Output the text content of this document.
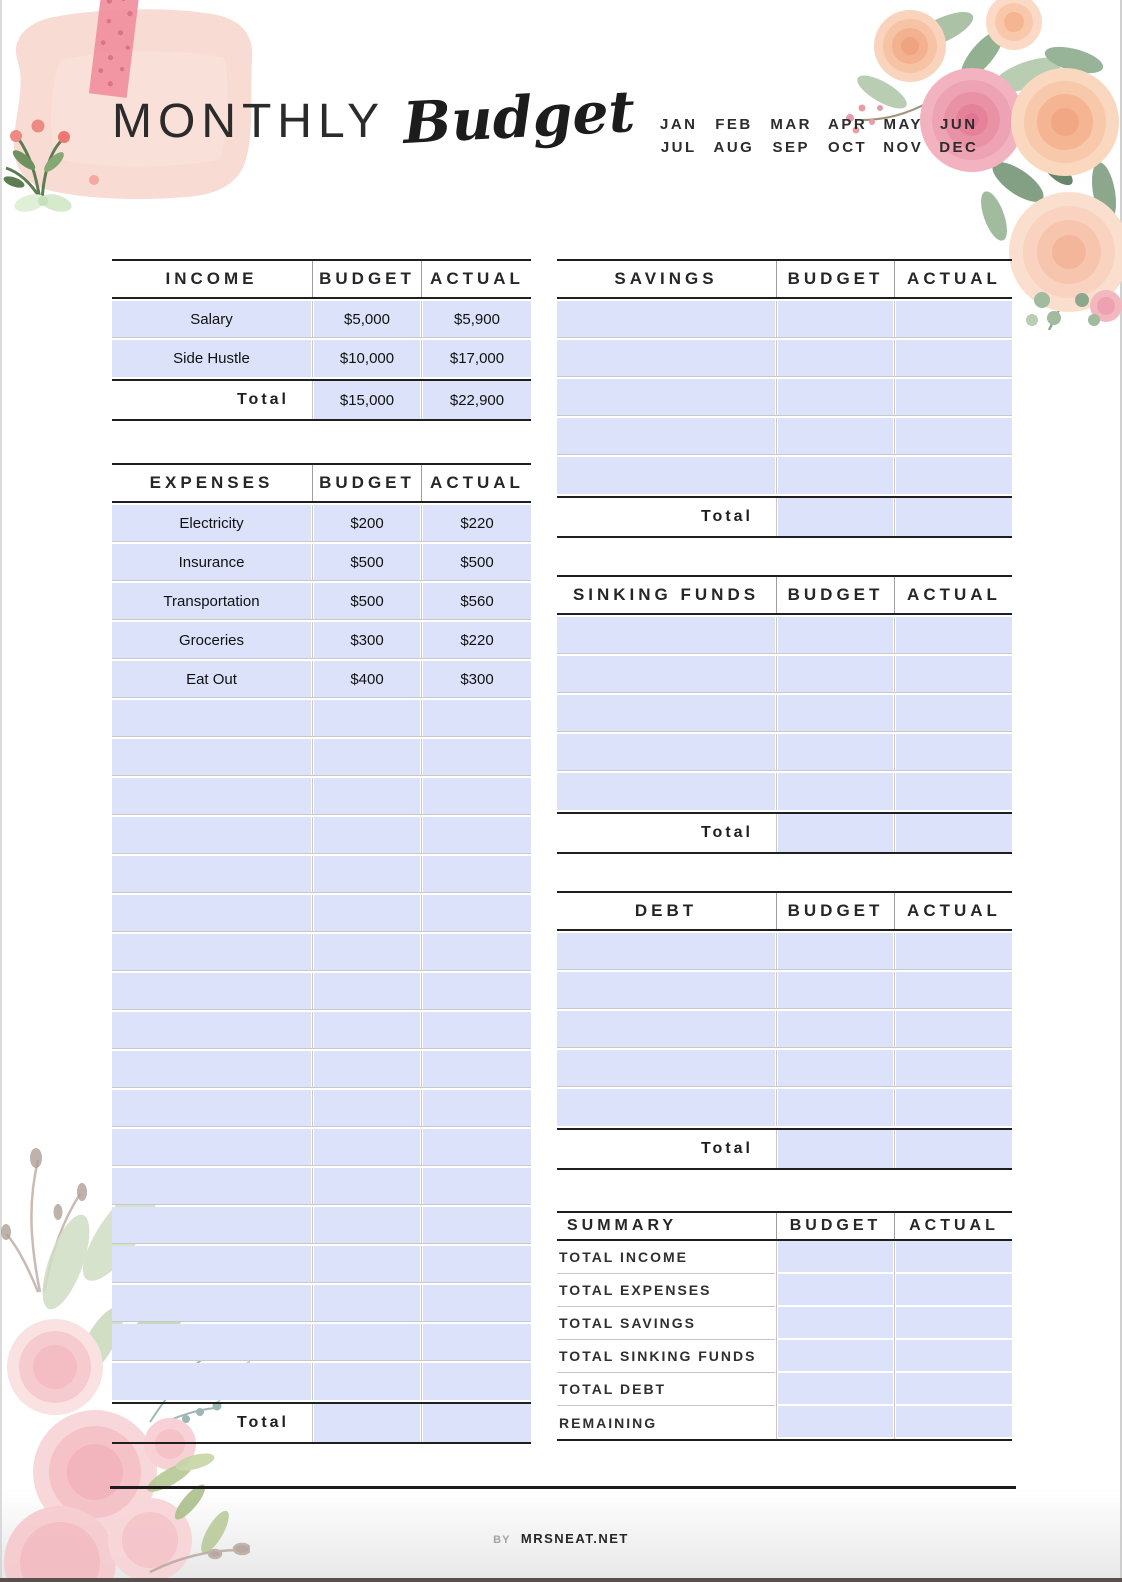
MONTHLY Budget JAN FEB MAR APR MAY JUN
JUL AUG SEP OCT NOV DEC
INCOME	BUDGET ACTUAL
Salary	$5,000	$5,900
Side Hustle	$10,000	$17,000
Total	$15,000	$22,900
EXPENSES	BUDGET ACTUAL
Electricity	$200	$220
Insurance	$500	$500
Transportation	$500	$560
Groceries	$300	$220
Eat Out	$400	$300
Total
SAVINGS	BUDGET	ACTUAL
Total
SINKING FUNDS	BUDGET	ACTUAL
Total
DEBT	BUDGET	ACTUAL
Total
SUMMARY	BUDGET	ACTUAL
TOTAL INCOME
TOTAL EXPENSES
TOTAL SAVINGS
TOTAL SINKING FUNDS
TOTAL DEBT
REMAINING
BY MRSNEAT.NET
